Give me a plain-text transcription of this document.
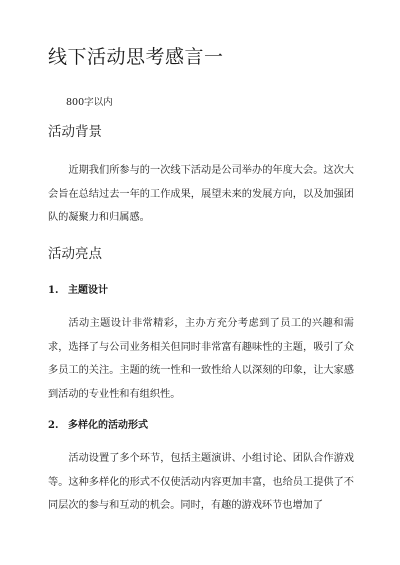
线下活动思考感言一

800字以内

活动背景

近期我们所参与的一次线下活动是公司举办的年度大会。这次大会旨在总结过去一年的工作成果，展望未来的发展方向，以及加强团队的凝聚力和归属感。

活动亮点
1. 主题设计

活动主题设计非常精彩，主办方充分考虑到了员工的兴趣和需求，选择了与公司业务相关但同时非常富有趣味性的主题，吸引了众多员工的关注。主题的统一性和一致性给人以深刻的印象，让大家感到活动的专业性和有组织性。

2. 多样化的活动形式

活动设置了多个环节，包括主题演讲、小组讨论、团队合作游戏等。这种多样化的形式不仅使活动内容更加丰富，也给员工提供了不同层次的参与和互动的机会。同时，有趣的游戏环节也增加了
